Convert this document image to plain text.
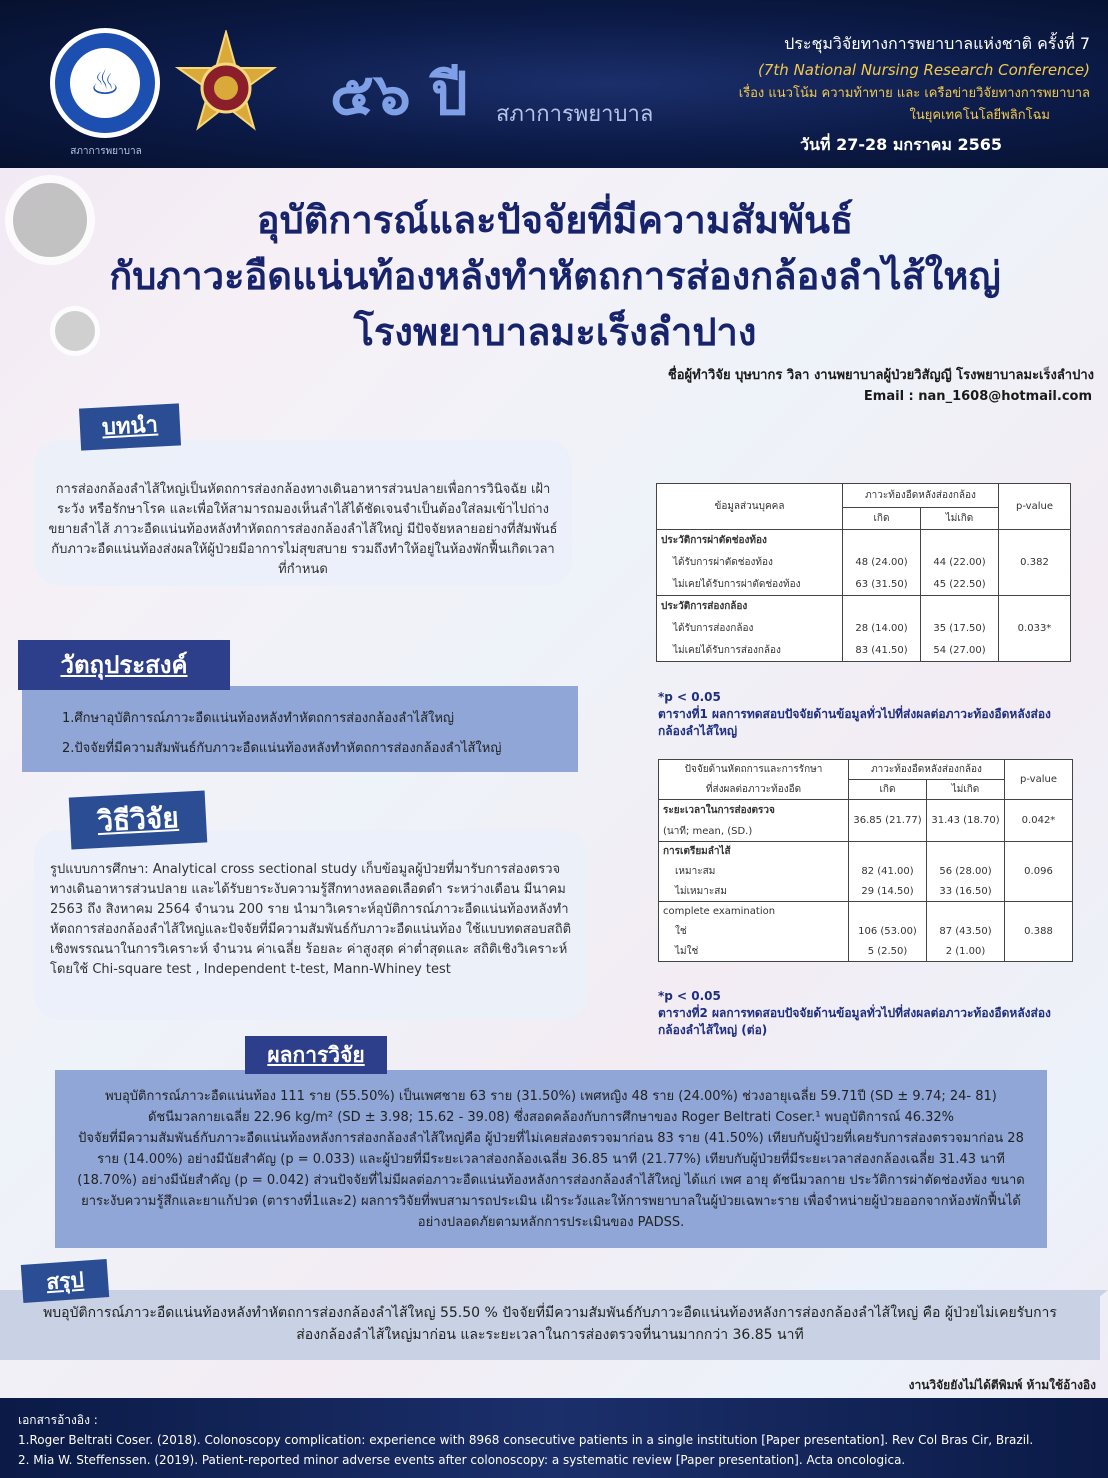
♨
สภาการพยาบาล
๕๖ ปี สภาการพยาบาล
ประชุมวิจัยทางการพยาบาลแห่งชาติ ครั้งที่ 7
(7th National Nursing Research Conference)
เรื่อง แนวโน้ม ความท้าทาย และ เครือข่ายวิจัยทางการพยาบาล
ในยุคเทคโนโลยีพลิกโฉม
วันที่ 27-28 มกราคม 2565
อุบัติการณ์และปัจจัยที่มีความสัมพันธ์
กับภาวะอืดแน่นท้องหลังทำหัตถการส่องกล้องลำไส้ใหญ่
โรงพยาบาลมะเร็งลำปาง
ชื่อผู้ทำวิจัย บุษบากร วิลา งานพยาบาลผู้ป่วยวิสัญญี โรงพยาบาลมะเร็งลำปาง
Email : nan_1608@hotmail.com
การส่องกล้องลำไส้ใหญ่เป็นหัตถการส่องกล้องทางเดินอาหารส่วนปลายเพื่อการวินิจฉัย เฝ้าระวัง หรือรักษาโรค และเพื่อให้สามารถมองเห็นลำไส้ได้ชัดเจนจำเป็นต้องใส่ลมเข้าไปถ่างขยายลำไส้ ภาวะอืดแน่นท้องหลังทำหัตถการส่องกล้องลำไส้ใหญ่ มีปัจจัยหลายอย่างที่สัมพันธ์กับภาวะอืดแน่นท้องส่งผลให้ผู้ป่วยมีอาการไม่สุขสบาย รวมถึงทำให้อยู่ในห้องพักฟื้นเกิดเวลาที่กำหนด
บทนำ
1.ศึกษาอุบัติการณ์ภาวะอืดแน่นท้องหลังทำหัตถการส่องกล้องลำไส้ใหญ่
2.ปัจจัยที่มีความสัมพันธ์กับภาวะอืดแน่นท้องหลังทำหัตถการส่องกล้องลำไส้ใหญ่
วัตถุประสงค์
รูปแบบการศึกษา: Analytical cross sectional study เก็บข้อมูลผู้ป่วยที่มารับการส่องตรวจทางเดินอาหารส่วนปลาย และได้รับยาระงับความรู้สึกทางหลอดเลือดดำ ระหว่างเดือน มีนาคม 2563 ถึง สิงหาคม 2564 จำนวน 200 ราย นำมาวิเคราะห์อุบัติการณ์ภาวะอืดแน่นท้องหลังทำหัตถการส่องกล้องลำไส้ใหญ่และปัจจัยที่มีความสัมพันธ์กับภาวะอืดแน่นท้อง ใช้แบบทดสอบสถิติเชิงพรรณนาในการวิเคราะห์ จำนวน ค่าเฉลี่ย ร้อยละ ค่าสูงสุด ค่าต่ำสุดและ สถิติเชิงวิเคราะห์ โดยใช้ Chi-square test , Independent t-test, Mann-Whiney test
วิธีวิจัย
ข้อมูลส่วนบุคคล	ภาวะท้องอืดหลังส่องกล้อง		p-value
	เกิด	ไม่เกิด	
ประวัติการผ่าตัดช่องท้อง			0.382
ได้รับการผ่าตัดช่องท้อง	48 (24.00)	44 (22.00)	
ไม่เคยได้รับการผ่าตัดช่องท้อง	63 (31.50)	45 (22.50)	
ประวัติการส่องกล้อง			0.033*
ได้รับการส่องกล้อง	28 (14.00)	35 (17.50)	
ไม่เคยได้รับการส่องกล้อง	83 (41.50)	54 (27.00)	
*p < 0.05
ตารางที่1 ผลการทดสอบปัจจัยด้านข้อมูลทั่วไปที่ส่งผลต่อภาวะท้องอืดหลังส่องกล้องลำไส้ใหญ่
ปัจจัยด้านหัตถการและการรักษา	ภาวะท้องอืดหลังส่องกล้อง		p-value
ที่ส่งผลต่อภาวะท้องอืด	เกิด	ไม่เกิด	

ระยะเวลาในการส่องตรวจ
(นาที; mean, (SD.)	36.85 (21.77)	31.43 (18.70)	0.042*
การเตรียมลำไส้			0.096
เหมาะสม	82 (41.00)	56 (28.00)	
ไม่เหมาะสม	29 (14.50)	33 (16.50)	
complete examination			0.388
ใช่	106 (53.00)	87 (43.50)	
ไม่ใช่	5 (2.50)	2 (1.00)	
*p < 0.05
ตารางที่2 ผลการทดสอบปัจจัยด้านข้อมูลทั่วไปที่ส่งผลต่อภาวะท้องอืดหลังส่องกล้องลำไส้ใหญ่ (ต่อ)
พบอุบัติการณ์ภาวะอืดแน่นท้อง 111 ราย (55.50%) เป็นเพศชาย 63 ราย (31.50%) เพศหญิง 48 ราย (24.00%) ช่วงอายุเฉลี่ย 59.71ปี (SD ± 9.74; 24- 81)
ดัชนีมวลกายเฉลี่ย 22.96 kg/m² (SD ± 3.98; 15.62 - 39.08) ซึ่งสอดคล้องกับการศึกษาของ Roger Beltrati Coser.¹ พบอุบัติการณ์ 46.32%
ปัจจัยที่มีความสัมพันธ์กับภาวะอืดแน่นท้องหลังการส่องกล้องลำไส้ใหญ่คือ ผู้ป่วยที่ไม่เคยส่องตรวจมาก่อน 83 ราย (41.50%) เทียบกับผู้ป่วยที่เคยรับการส่องตรวจมาก่อน 28 ราย (14.00%) อย่างมีนัยสำคัญ (p = 0.033) และผู้ป่วยที่มีระยะเวลาส่องกล้องเฉลี่ย 36.85 นาที (21.77%) เทียบกับผู้ป่วยที่มีระยะเวลาส่องกล้องเฉลี่ย 31.43 นาที (18.70%) อย่างมีนัยสำคัญ (p = 0.042) ส่วนปัจจัยที่ไม่มีผลต่อภาวะอืดแน่นท้องหลังการส่องกล้องลำไส้ใหญ่ ได้แก่ เพศ อายุ ดัชนีมวลกาย ประวัติการผ่าตัดช่องท้อง ขนาดยาระงับความรู้สึกและยาแก้ปวด (ตารางที่1และ2) ผลการวิจัยที่พบสามารถประเมิน เฝ้าระวังและให้การพยาบาลในผู้ป่วยเฉพาะราย เพื่อจำหน่ายผู้ป่วยออกจากห้องพักฟื้นได้อย่างปลอดภัยตามหลักการประเมินของ PADSS.
ผลการวิจัย
พบอุบัติการณ์ภาวะอืดแน่นท้องหลังทำหัตถการส่องกล้องลำไส้ใหญ่ 55.50 % ปัจจัยที่มีความสัมพันธ์กับภาวะอืดแน่นท้องหลังการส่องกล้องลำไส้ใหญ่ คือ ผู้ป่วยไม่เคยรับการส่องกล้องลำไส้ใหญ่มาก่อน และระยะเวลาในการส่องตรวจที่นานมากกว่า 36.85 นาที
สรุป
งานวิจัยยังไม่ได้ตีพิมพ์ ห้ามใช้อ้างอิง
เอกสารอ้างอิง :
1.Roger Beltrati Coser. (2018). Colonoscopy complication: experience with 8968 consecutive patients in a single institution [Paper presentation]. Rev Col Bras Cir, Brazil.
2. Mia W. Steffenssen. (2019). Patient-reported minor adverse events after colonoscopy: a systematic review [Paper presentation]. Acta oncologica.
